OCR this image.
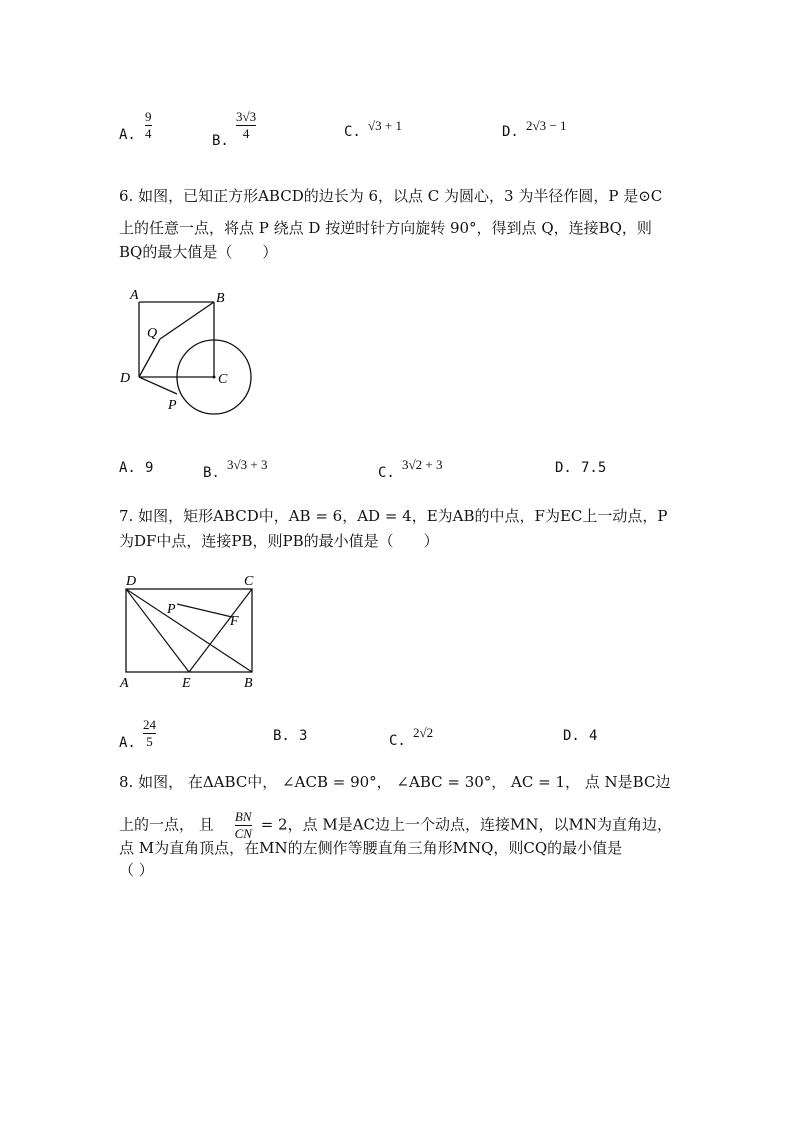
A.
9
4	B.
3√3
4	C. √3 + 1	D. 2√3 − 1
6. 如图，已知正方形ABCD的边长为 6，以点 C 为圆心，3 为半径作圆，P 是⊙C
上的任意一点，将点 P 绕点 D 按逆时针方向旋转 90°，得到点 Q，连接BQ，则
BQ的最大值是（　　）
A	B
C
D
P
Q
A. 9	B.
3√3 + 3
C.
3√2 + 3	D. 7.5
7. 如图，矩形ABCD中，AB = 6，AD = 4，E为AB的中点，F为EC上一动点，P
为DF中点，连接PB，则PB的最小值是（　　）
D	C
A	E	B
P
F
A.
24
5	B. 3	C.
2√2	D. 4
8. 如图， 在ΔABC中， ∠ACB = 90°， ∠ABC = 30°， AC = 1， 点 N是BC边
上的一点， 且 $\frac{BN}{CN} = 2$，点 M是AC边上一个动点，连接MN，以MN为直角边，
点 M为直角顶点，在MN的左侧作等腰直角三角形MNQ，则CQ的最小值是
（ ）
